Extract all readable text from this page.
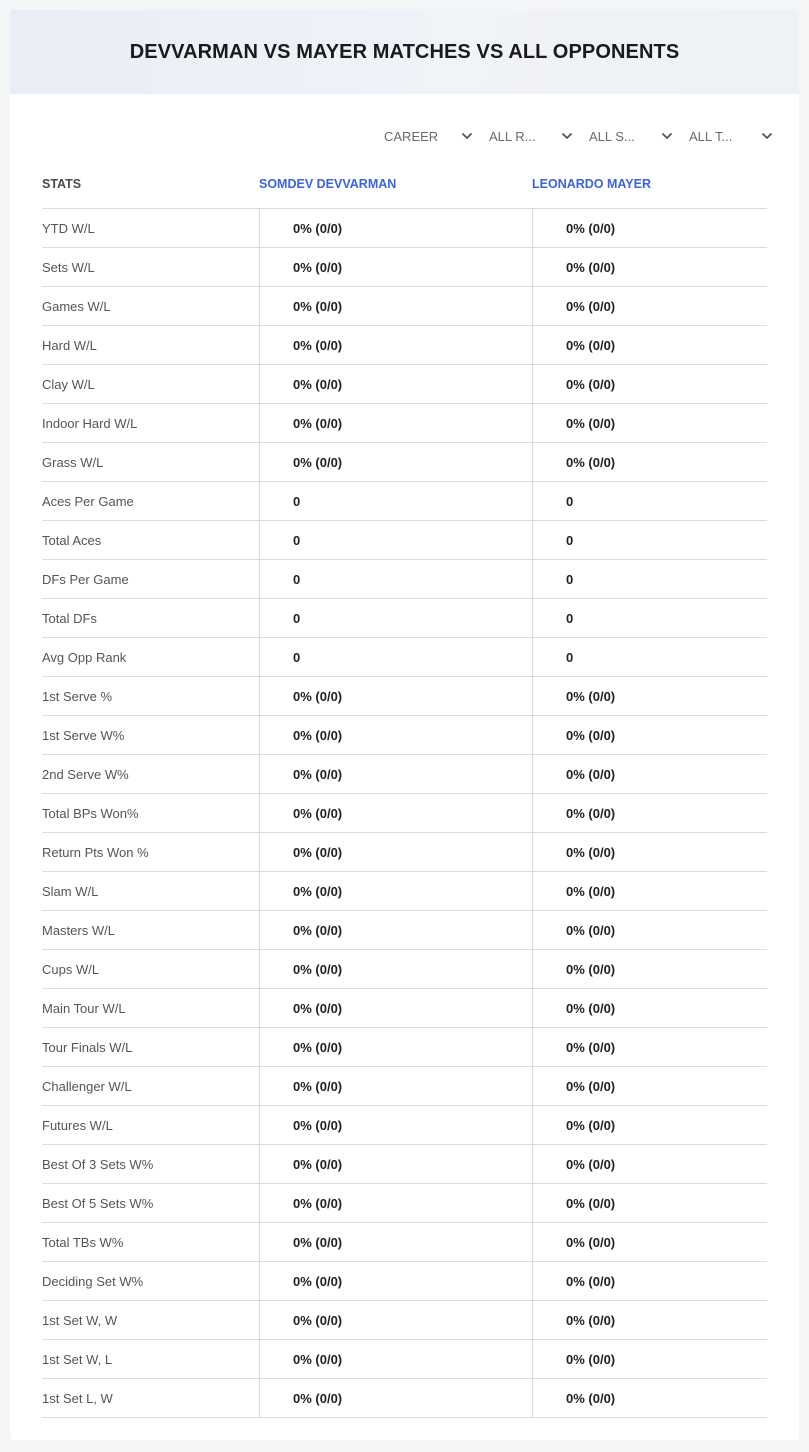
DEVVARMAN VS MAYER MATCHES VS ALL OPPONENTS
CAREER	ALL R...	ALL S...	ALL T...
STATS	SOMDEV DEVVARMAN	LEONARDO MAYER
YTD W/L	0% (0/0)	0% (0/0)
Sets W/L	0% (0/0)	0% (0/0)
Games W/L	0% (0/0)	0% (0/0)
Hard W/L	0% (0/0)	0% (0/0)
Clay W/L	0% (0/0)	0% (0/0)
Indoor Hard W/L	0% (0/0)	0% (0/0)
Grass W/L	0% (0/0)	0% (0/0)
Aces Per Game	0	0
Total Aces	0	0
DFs Per Game	0	0
Total DFs	0	0
Avg Opp Rank	0	0
1st Serve %	0% (0/0)	0% (0/0)
1st Serve W%	0% (0/0)	0% (0/0)
2nd Serve W%	0% (0/0)	0% (0/0)
Total BPs Won%	0% (0/0)	0% (0/0)
Return Pts Won %	0% (0/0)	0% (0/0)
Slam W/L	0% (0/0)	0% (0/0)
Masters W/L	0% (0/0)	0% (0/0)
Cups W/L	0% (0/0)	0% (0/0)
Main Tour W/L	0% (0/0)	0% (0/0)
Tour Finals W/L	0% (0/0)	0% (0/0)
Challenger W/L	0% (0/0)	0% (0/0)
Futures W/L	0% (0/0)	0% (0/0)
Best Of 3 Sets W%	0% (0/0)	0% (0/0)
Best Of 5 Sets W%	0% (0/0)	0% (0/0)
Total TBs W%	0% (0/0)	0% (0/0)
Deciding Set W%	0% (0/0)	0% (0/0)
1st Set W, W	0% (0/0)	0% (0/0)
1st Set W, L	0% (0/0)	0% (0/0)
1st Set L, W	0% (0/0)	0% (0/0)
